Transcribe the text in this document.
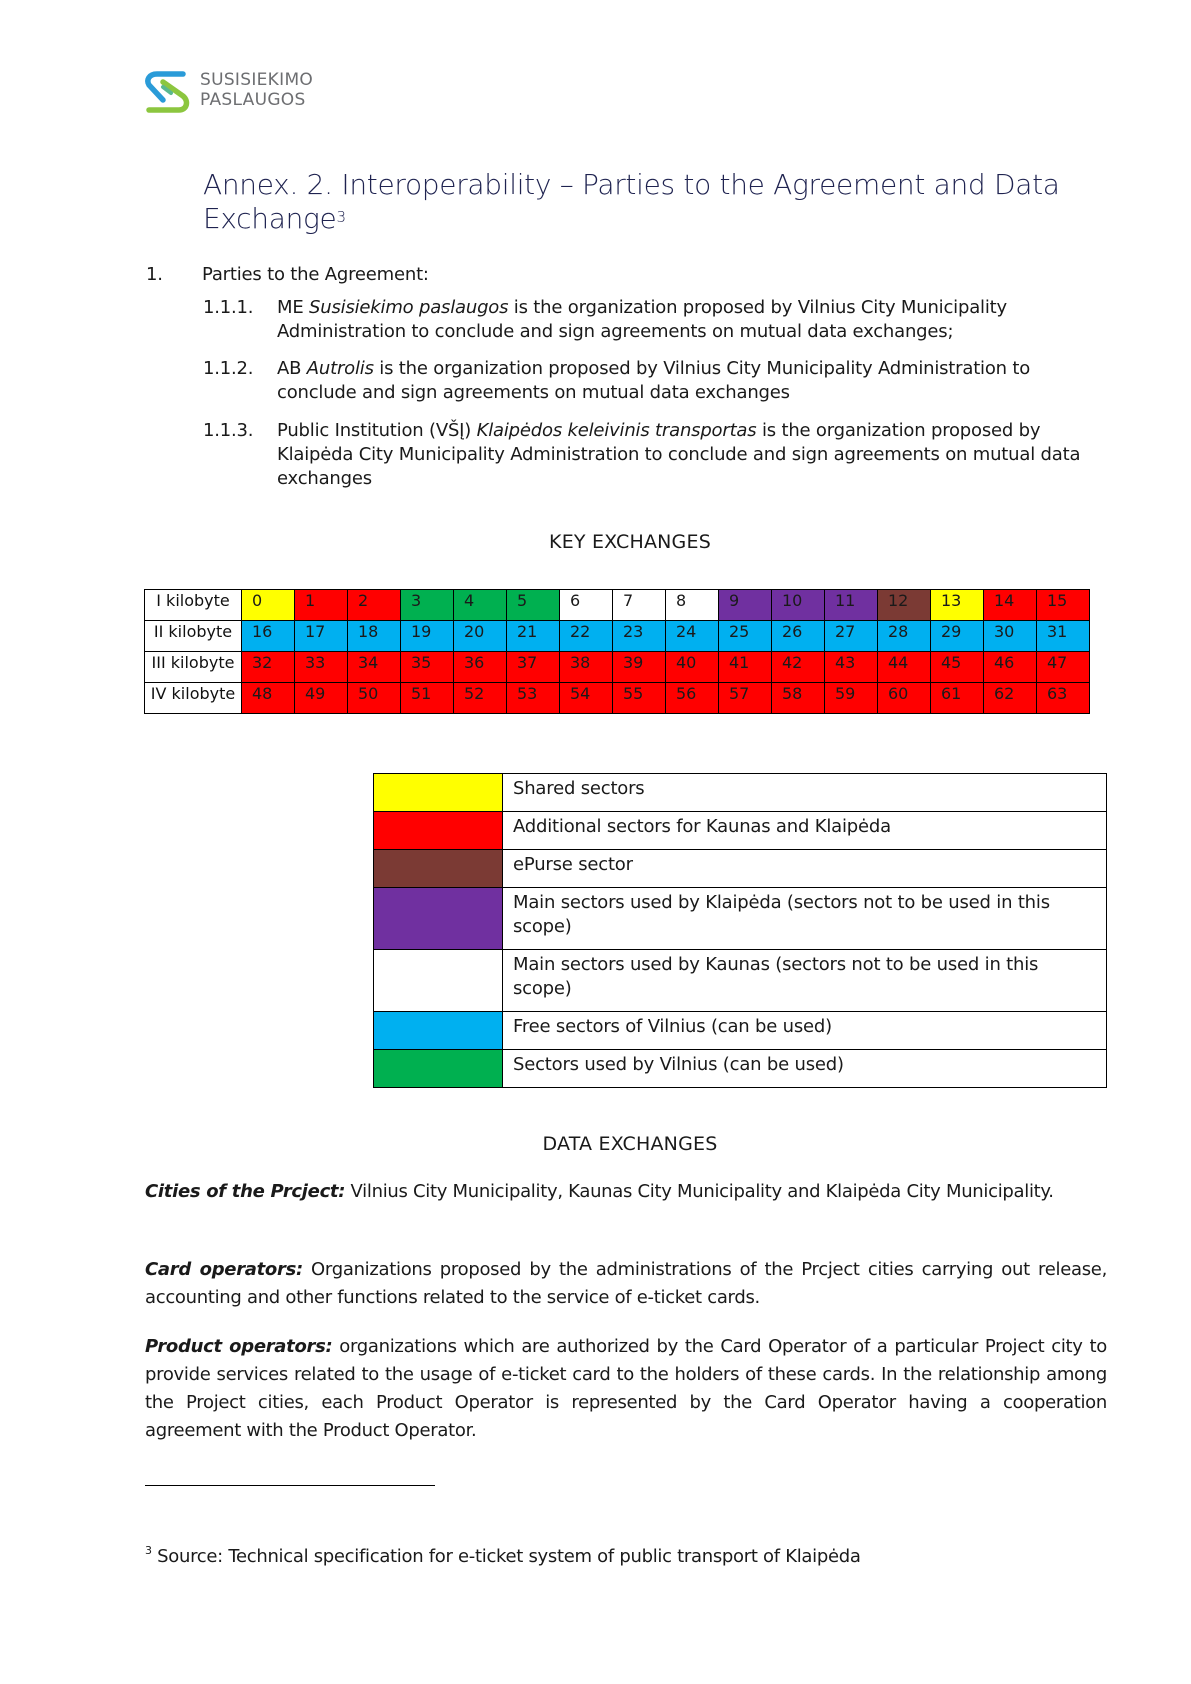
SUSISIEKIMO
PASLAUGOS
Annex. 2. Interoperability – Parties to the Agreement and Data Exchange$^3$
1. Parties to the Agreement:
1.1.1. ME Susisiekimo paslaugos is the organization proposed by Vilnius City Municipality Administration to conclude and sign agreements on mutual data exchanges;
1.1.2. AB Autrolis is the organization proposed by Vilnius City Municipality Administration to conclude and sign agreements on mutual data exchanges
1.1.3. Public Institution (VŠĮ) Klaipėdos keleivinis transportas is the organization proposed by Klaipėda City Municipality Administration to conclude and sign agreements on mutual data exchanges
KEY EXCHANGES
I kilobyte	0	1	2	3	4	5	6	7	8	9	10	11	12	13	14	15
II kilobyte	16	17	18	19	20	21	22	23	24	25	26	27	28	29	30	31
III kilobyte	32	33	34	35	36	37	38	39	40	41	42	43	44	45	46	47
IV kilobyte	48	49	50	51	52	53	54	55	56	57	58	59	60	61	62	63
	Shared sectors
	Additional sectors for Kaunas and Klaipėda
	ePurse sector
	Main sectors used by Klaipėda (sectors not to be used in this scope)
	Main sectors used by Kaunas (sectors not to be used in this scope)
	Free sectors of Vilnius (can be used)
	Sectors used by Vilnius (can be used)
DATA EXCHANGES
Cities of the Prcject: Vilnius City Municipality, Kaunas City Municipality and Klaipėda City Municipality.
Card operators: Organizations proposed by the administrations of the Prcject cities carrying out release, accounting and other functions related to the service of e-ticket cards.
Product operators: organizations which are authorized by the Card Operator of a particular Project city to provide services related to the usage of e-ticket card to the holders of these cards. In the relationship among the Project cities, each Product Operator is represented by the Card Operator having a cooperation agreement with the Product Operator.
$^3$ Source: Technical specification for e-ticket system of public transport of Klaipėda
